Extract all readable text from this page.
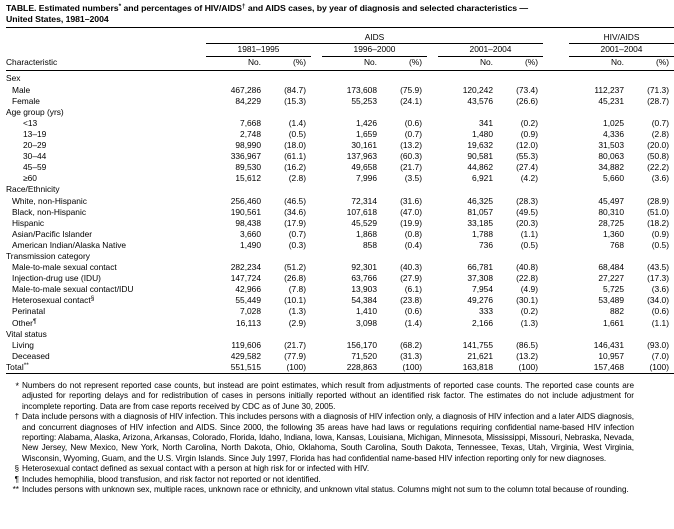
TABLE. Estimated numbers* and percentages of HIV/AIDS† and AIDS cases, by year of diagnosis and selected characteristics —
United States, 1981–2004

	AIDS									HIV/AIDS	
	1981–1995			1996–2000			2001–2004			2001–2004	
Characteristic	No.	(%)		No.	(%)		No.	(%)		No.	(%)

Sex											
Male	467,286	(84.7)		173,608	(75.9)		120,242	(73.4)		112,237	(71.3)
Female	84,229	(15.3)		55,253	(24.1)		43,576	(26.6)		45,231	(28.7)
Age group (yrs)											
<13	7,668	(1.4)		1,426	(0.6)		341	(0.2)		1,025	(0.7)
13–19	2,748	(0.5)		1,659	(0.7)		1,480	(0.9)		4,336	(2.8)
20–29	98,990	(18.0)		30,161	(13.2)		19,632	(12.0)		31,503	(20.0)
30–44	336,967	(61.1)		137,963	(60.3)		90,581	(55.3)		80,063	(50.8)
45–59	89,530	(16.2)		49,658	(21.7)		44,862	(27.4)		34,882	(22.2)
≥60	15,612	(2.8)		7,996	(3.5)		6,921	(4.2)		5,660	(3.6)
Race/Ethnicity											
White, non-Hispanic	256,460	(46.5)		72,314	(31.6)		46,325	(28.3)		45,497	(28.9)
Black, non-Hispanic	190,561	(34.6)		107,618	(47.0)		81,057	(49.5)		80,310	(51.0)
Hispanic	98,438	(17.9)		45,529	(19.9)		33,185	(20.3)		28,725	(18.2)
Asian/Pacific Islander	3,660	(0.7)		1,868	(0.8)		1,788	(1.1)		1,360	(0.9)
American Indian/Alaska Native	1,490	(0.3)		858	(0.4)		736	(0.5)		768	(0.5)
Transmission category											
Male-to-male sexual contact	282,234	(51.2)		92,301	(40.3)		66,781	(40.8)		68,484	(43.5)
Injection-drug use (IDU)	147,724	(26.8)		63,766	(27.9)		37,308	(22.8)		27,227	(17.3)
Male-to-male sexual contact/IDU	42,966	(7.8)		13,903	(6.1)		7,954	(4.9)		5,725	(3.6)
Heterosexual contact§	55,449	(10.1)		54,384	(23.8)		49,276	(30.1)		53,489	(34.0)
Perinatal	7,028	(1.3)		1,410	(0.6)		333	(0.2)		882	(0.6)
Other¶	16,113	(2.9)		3,098	(1.4)		2,166	(1.3)		1,661	(1.1)
Vital status											
Living	119,606	(21.7)		156,170	(68.2)		141,755	(86.5)		146,431	(93.0)
Deceased	429,582	(77.9)		71,520	(31.3)		21,621	(13.2)		10,957	(7.0)
Total**	551,515	(100)		228,863	(100)		163,818	(100)		157,468	(100)

* Numbers do not represent reported case counts, but instead are point estimates, which result from adjustments of reported case counts. The reported case counts are adjusted for reporting delays and for redistribution of cases in persons initially reported without an identified risk factor. The estimates do not include adjustment for incomplete reporting. Data are from case reports received by CDC as of June 30, 2005.
† Data include persons with a diagnosis of HIV infection. This includes persons with a diagnosis of HIV infection only, a diagnosis of HIV infection and a later AIDS diagnosis, and concurrent diagnoses of HIV infection and AIDS. Since 2000, the following 35 areas have had laws or regulations requiring confidential name-based HIV infection reporting: Alabama, Alaska, Arizona, Arkansas, Colorado, Florida, Idaho, Indiana, Iowa, Kansas, Louisiana, Michigan, Minnesota, Mississippi, Missouri, Nebraska, Nevada, New Jersey, New Mexico, New York, North Carolina, North Dakota, Ohio, Oklahoma, South Carolina, South Dakota, Tennessee, Texas, Utah, Virginia, West Virginia, Wisconsin, Wyoming, Guam, and the U.S. Virgin Islands. Since July 1997, Florida has had confidential name-based HIV infection reporting only for new diagnoses.
§ Heterosexual contact defined as sexual contact with a person at high risk for or infected with HIV.
¶ Includes hemophilia, blood transfusion, and risk factor not reported or not identified.
** Includes persons with unknown sex, multiple races, unknown race or ethnicity, and unknown vital status. Columns might not sum to the column total because of rounding.
